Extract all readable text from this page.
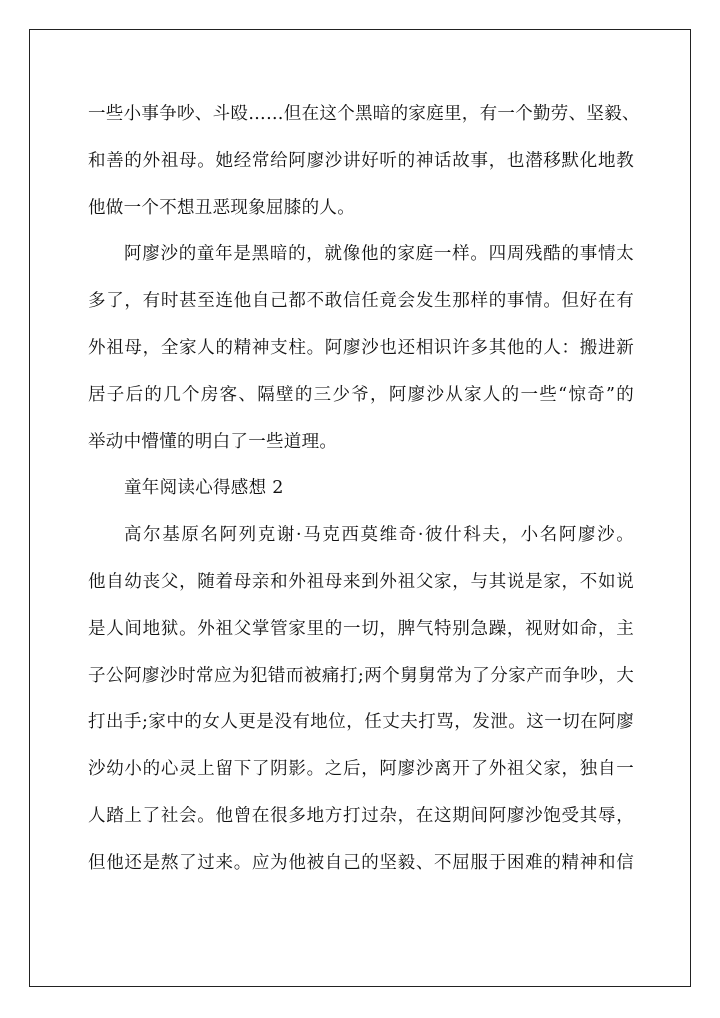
一些小事争吵、斗殴……但在这个黑暗的家庭里，有一个勤劳、坚毅、
和善的外祖母。她经常给阿廖沙讲好听的神话故事，也潜移默化地教
他做一个不想丑恶现象屈膝的人。
阿廖沙的童年是黑暗的，就像他的家庭一样。四周残酷的事情太
多了，有时甚至连他自己都不敢信任竟会发生那样的事情。但好在有
外祖母，全家人的精神支柱。阿廖沙也还相识许多其他的人：搬进新
居子后的几个房客、隔壁的三少爷，阿廖沙从家人的一些“惊奇”的
举动中懵懂的明白了一些道理。
童年阅读心得感想 2
高尔基原名阿列克谢·马克西莫维奇·彼什科夫，小名阿廖沙。
他自幼丧父，随着母亲和外祖母来到外祖父家，与其说是家，不如说
是人间地狱。外祖父掌管家里的一切，脾气特别急躁，视财如命，主
子公阿廖沙时常应为犯错而被痛打;两个舅舅常为了分家产而争吵，大
打出手;家中的女人更是没有地位，任丈夫打骂，发泄。这一切在阿廖
沙幼小的心灵上留下了阴影。之后，阿廖沙离开了外祖父家，独自一
人踏上了社会。他曾在很多地方打过杂，在这期间阿廖沙饱受其辱，
但他还是熬了过来。应为他被自己的坚毅、不屈服于困难的精神和信
